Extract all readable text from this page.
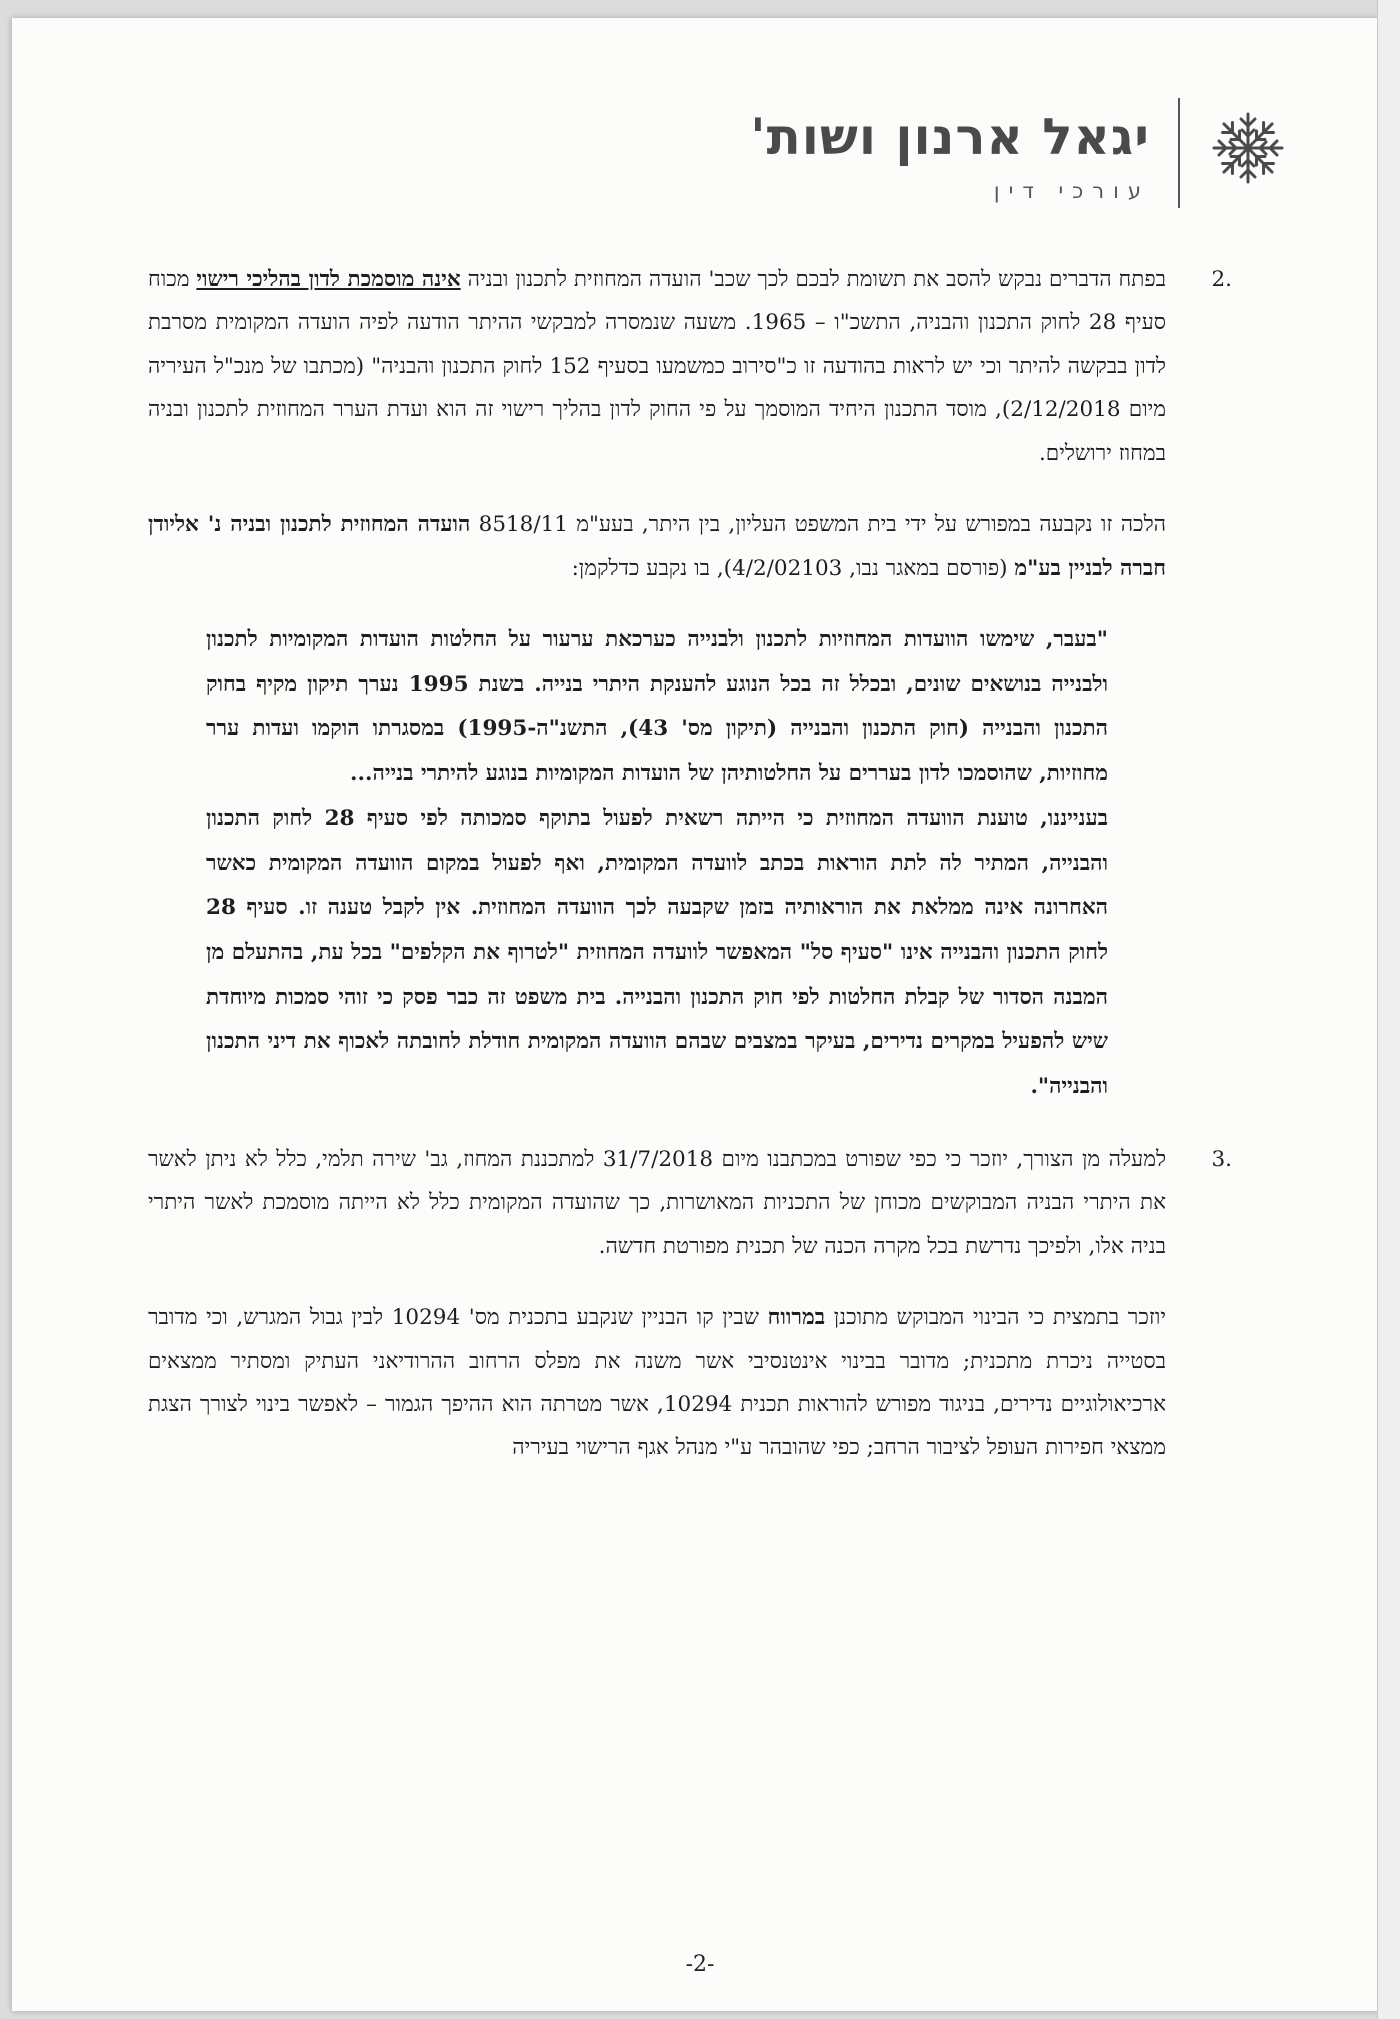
יגאל ארנון ושות'
עורכי דין
2.
בפתח הדברים נבקש להסב את תשומת לבכם לכך שכב' הועדה המחוזית לתכנון ובניה אינה מוסמכת לדון בהליכי רישוי מכוח סעיף 28 לחוק התכנון והבניה, התשכ"ו – 1965. משעה שנמסרה למבקשי ההיתר הודעה לפיה הועדה המקומית מסרבת לדון בבקשה להיתר וכי יש לראות בהודעה זו כ"סירוב כמשמעו בסעיף 152 לחוק התכנון והבניה" (מכתבו של מנכ"ל העיריה מיום 2/12/2018), מוסד התכנון היחיד המוסמך על פי החוק לדון בהליך רישוי זה הוא ועדת הערר המחוזית לתכנון ובניה במחוז ירושלים.
הלכה זו נקבעה במפורש על ידי בית המשפט העליון, בין היתר, בעע"מ 8518/11 הועדה המחוזית לתכנון ובניה נ' אליודן חברה לבניין בע"מ (פורסם במאגר נבו, 4/2/02103), בו נקבע כדלקמן:

"בעבר, שימשו הוועדות המחוזיות לתכנון ולבנייה כערכאת ערעור על החלטות הועדות המקומיות לתכנון ולבנייה בנושאים שונים, ובכלל זה בכל הנוגע להענקת היתרי בנייה. בשנת 1995 נערך תיקון מקיף בחוק התכנון והבנייה (חוק התכנון והבנייה (תיקון מס' 43), התשנ"ה-1995) במסגרתו הוקמו ועדות ערר מחוזיות, שהוסמכו לדון בעררים על החלטותיהן של הועדות המקומיות בנוגע להיתרי בנייה...

בענייננו, טוענת הוועדה המחוזית כי הייתה רשאית לפעול בתוקף סמכותה לפי סעיף 28 לחוק התכנון והבנייה, המתיר לה לתת הוראות בכתב לוועדה המקומית, ואף לפעול במקום הוועדה המקומית כאשר האחרונה אינה ממלאת את הוראותיה בזמן שקבעה לכך הוועדה המחוזית. אין לקבל טענה זו. סעיף 28 לחוק התכנון והבנייה אינו "סעיף סל" המאפשר לוועדה המחוזית "לטרוף את הקלפים" בכל עת, בהתעלם מן המבנה הסדור של קבלת החלטות לפי חוק התכנון והבנייה. בית משפט זה כבר פסק כי זוהי סמכות מיוחדת שיש להפעיל במקרים נדירים, בעיקר במצבים שבהם הוועדה המקומית חודלת לחובתה לאכוף את דיני התכנון והבנייה".

3.
למעלה מן הצורך, יוזכר כי כפי שפורט במכתבנו מיום 31/7/2018 למתכננת המחוז, גב' שירה תלמי, כלל לא ניתן לאשר את היתרי הבניה המבוקשים מכוחן של התכניות המאושרות, כך שהועדה המקומית כלל לא הייתה מוסמכת לאשר היתרי בניה אלו, ולפיכך נדרשת בכל מקרה הכנה של תכנית מפורטת חדשה.
יוזכר בתמצית כי הבינוי המבוקש מתוכנן במרווח שבין קו הבניין שנקבע בתכנית מס' 10294 לבין גבול המגרש, וכי מדובר בסטייה ניכרת מתכנית; מדובר בבינוי אינטנסיבי אשר משנה את מפלס הרחוב ההרודיאני העתיק ומסתיר ממצאים ארכיאולוגיים נדירים, בניגוד מפורש להוראות תכנית 10294, אשר מטרתה הוא ההיפך הגמור – לאפשר בינוי לצורך הצגת ממצאי חפירות העופל לציבור הרחב; כפי שהובהר ע"י מנהל אגף הרישוי בעיריה
-2-
